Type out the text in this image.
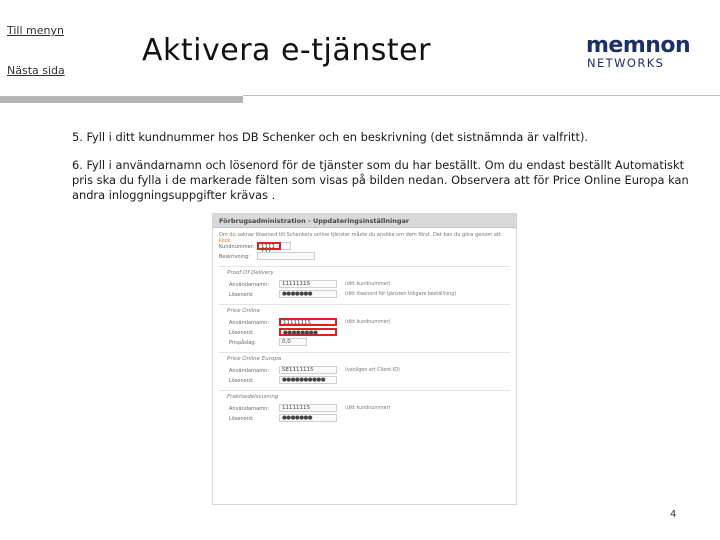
Till menyn
Nästa sida
Aktivera e-tjänster	memnon
NETWORKS

5. Fyll i ditt kundnummer hos DB Schenker och en beskrivning (det sistnämnda är valfritt).

6. Fyll i användarnamn och lösenord för de tjänster som du har beställt. Om du endast beställt Automatiskt pris ska du fylla i de markerade fälten som visas på bilden nedan. Observera att för Price Online Europa kan andra inloggningsuppgifter krävas .

Förbrugsadministration - Uppdateringsinställningar
Om du saknar lösenord till Schenkers online tjänster måste du ansöka om dem först. Det kan du göra genom att klick
Kundnummer:	1111
Beskrivning:
Proof Of Delivery
Användarnamn:	1111111S	(ditt kundnummer)
Lösenord:	●●●●●●●	(ditt lösenord för tjänsten tidigare beställning)
Price Online
Användarnamn:	1111111S	(ditt kundnummer)
Lösenord:	●●●●●●●●
Prispåslag:	0,0
Price Online Europa
Användarnamn:	SE1111115	(vanligen ert Client-ID)
Lösenord:	●●●●●●●●●●
Fraktsedelsvisning
Användarnamn:	1111111S	(ditt kundnummer)
Lösenord:	●●●●●●●
4
